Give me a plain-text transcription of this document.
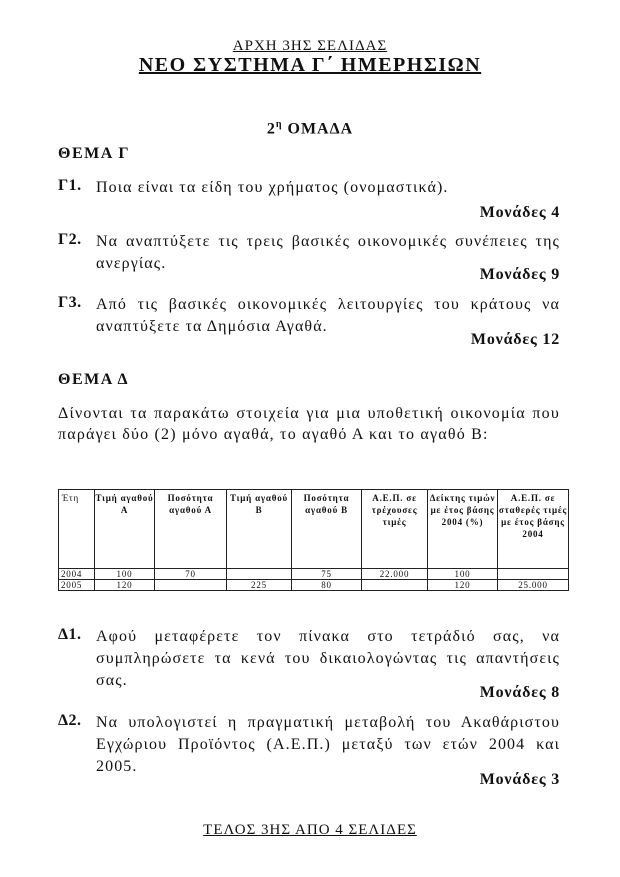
ΑΡΧΗ 3ΗΣ ΣΕΛΙΔΑΣ

ΝΕΟ ΣΥΣΤΗΜΑ Γ΄ ΗΜΕΡΗΣΙΩΝ

$2^\eta$ ΟΜΑΔΑ

ΘΕΜΑ Γ

Γ1. Ποια είναι τα είδη του χρήματος (ονομαστικά).

Μονάδες 4

Γ2. Να αναπτύξετε τις τρεις βασικές οικονομικές συνέπειες της ανεργίας.

Μονάδες 9

Γ3. Από τις βασικές οικονομικές λειτουργίες του κράτους να αναπτύξετε τα Δημόσια Αγαθά.

Μονάδες 12

ΘΕΜΑ Δ

Δίνονται τα παρακάτω στοιχεία για μια υποθετική οικονομία που παράγει δύο (2) μόνο αγαθά, το αγαθό Α και το αγαθό Β:

Έτη	Τιμή αγαθού Α	Ποσότητα αγαθού Α	Τιμή αγαθού Β	Ποσότητα αγαθού Β	Α.Ε.Π. σε τρέχουσες τιμές	Δείκτης τιμών με έτος βάσης 2004 (%)	Α.Ε.Π. σε σταθερές τιμές με έτος βάσης 2004
2004	100	70		75	22.000	100	
2005	120		225	80		120	25.000

Δ1. Αφού μεταφέρετε τον πίνακα στο τετράδιό σας, να συμπληρώσετε τα κενά του δικαιολογώντας τις απαντήσεις σας.

Μονάδες 8

Δ2. Να υπολογιστεί η πραγματική μεταβολή του Ακαθάριστου Εγχώριου Προϊόντος (Α.Ε.Π.) μεταξύ των ετών 2004 και 2005.

Μονάδες 3

ΤΕΛΟΣ 3ΗΣ ΑΠΟ 4 ΣΕΛΙΔΕΣ
